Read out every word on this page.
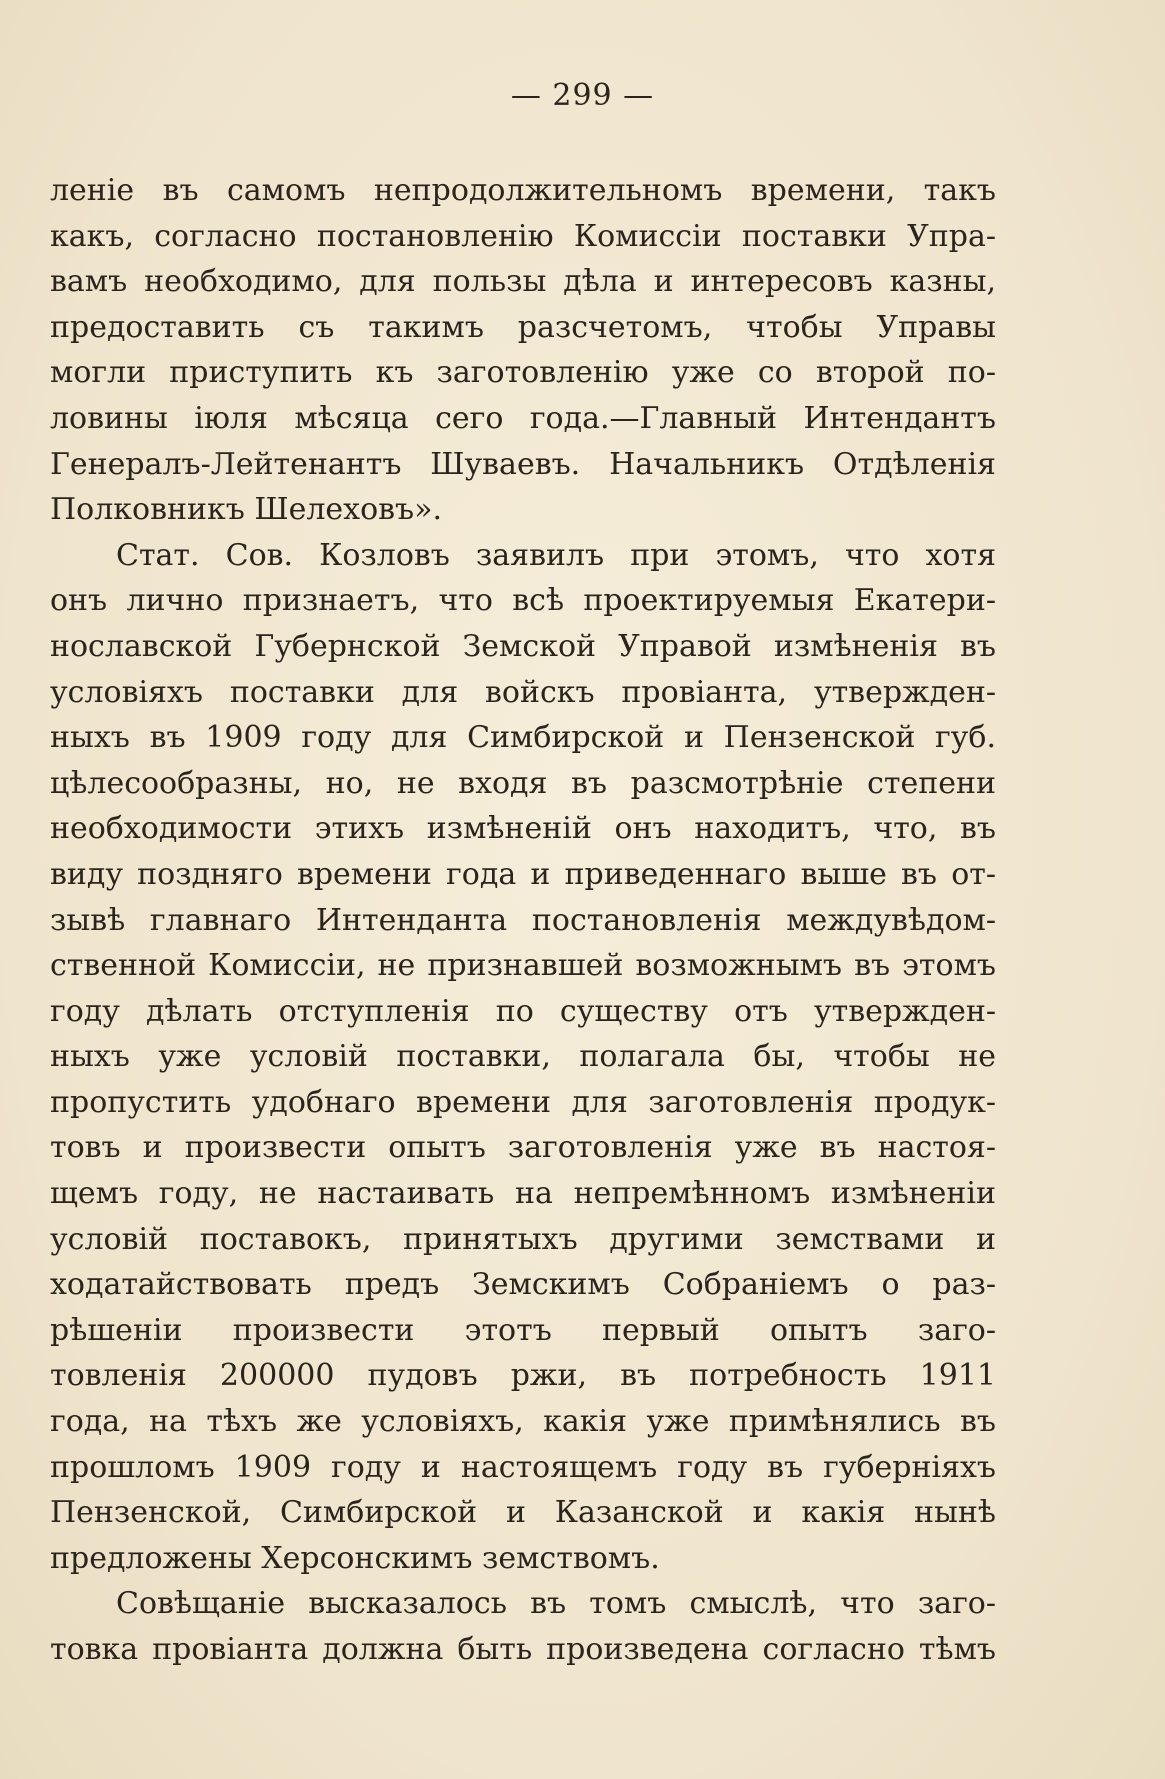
— 299 —
леніе въ самомъ непродолжительномъ времени, такъ
какъ, согласно постановленію Комиссіи поставки Упра-
вамъ необходимо, для пользы дѣла и интересовъ казны,
предоставить съ такимъ разсчетомъ, чтобы Управы
могли приступить къ заготовленію уже со второй по-
ловины іюля мѣсяца сего года.—Главный Интендантъ
Генералъ-Лейтенантъ Шуваевъ. Начальникъ Отдѣленія
Полковникъ Шелеховъ».
Стат. Сов. Козловъ заявилъ при этомъ, что хотя
онъ лично признаетъ, что всѣ проектируемыя Екатери-
нославской Губернской Земской Управой измѣненія въ
условіяхъ поставки для войскъ провіанта, утвержден-
ныхъ въ 1909 году для Симбирской и Пензенской губ.
цѣлесообразны, но, не входя въ разсмотрѣніе степени
необходимости этихъ измѣненій онъ находитъ, что, въ
виду поздняго времени года и приведеннаго выше въ от-
зывѣ главнаго Интенданта постановленія междувѣдом-
ственной Комиссіи, не признавшей возможнымъ въ этомъ
году дѣлать отступленія по существу отъ утвержден-
ныхъ уже условій поставки, полагала бы, чтобы не
пропустить удобнаго времени для заготовленія продук-
товъ и произвести опытъ заготовленія уже въ настоя-
щемъ году, не настаивать на непремѣнномъ измѣненіи
условій поставокъ, принятыхъ другими земствами и
ходатайствовать предъ Земскимъ Собраніемъ о раз-
рѣшеніи произвести этотъ первый опытъ заго-
товленія 200000 пудовъ ржи, въ потребность 1911
года, на тѣхъ же условіяхъ, какія уже примѣнялись въ
прошломъ 1909 году и настоящемъ году въ губерніяхъ
Пензенской, Симбирской и Казанской и какія нынѣ
предложены Херсонскимъ земствомъ.
Совѣщаніе высказалось въ томъ смыслѣ, что заго-
товка провіанта должна быть произведена согласно тѣмъ
